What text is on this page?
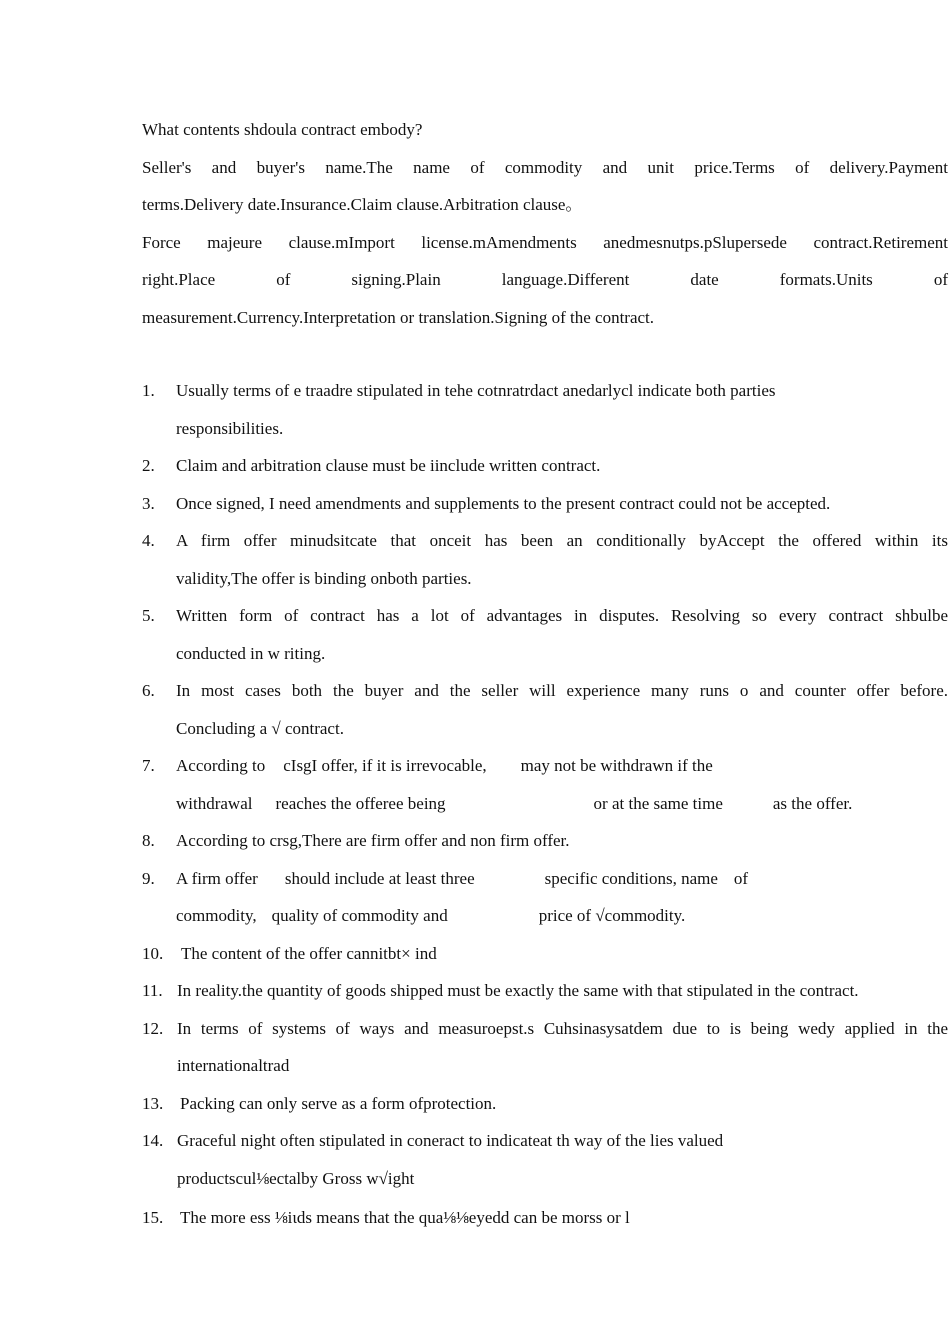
What contents shdoula contract embody?
Seller's and buyer's name.The name of commodity and unit price.Terms of delivery.Payment
terms.Delivery date.Insurance.Claim clause.Arbitration clause。
Force majeure clause.mImport license.mAmendments anedmesnutps.pSlupersede contract.Retirement
right.Place of signing.Plain language.Different date formats.Units of
measurement.Currency.Interpretation or translation.Signing of the contract.
1. Usually terms of e traadre stipulated in tehe cotnratrdact anedarlycl indicate both parties
responsibilities.
2. Claim and arbitration clause must be iinclude written contract.
3. Once signed, I need amendments and supplements to the present contract could not be accepted.
4.	A firm offer minudsitcate that onceit has been an conditionally byAccept the offered within its
validity,The offer is binding onboth parties.
5.	Written form of contract has a lot of advantages in disputes. Resolving so every contract shbulbe
conducted in w riting.
6.	In most cases both the buyer and the seller will experience many runs o and counter offer before.
Concluding a √ contract.
7. According to cIsgI offer, if it is irrevocable, may not be withdrawn if the
withdrawal reaches the offeree being	or at the same time	as the offer.
8. According to crsg,There are firm offer and non firm offer.
9. A firm offer should include at least three	specific conditions, name of
commodity, quality of commodity and	price of √commodity.
10. The content of the offer cannitbt× ind
11. In reality.the quantity of goods shipped must be exactly the same with that stipulated in the contract.
12. In terms of systems of ways and measuroepst.s Cuhsinasysatdem due to is being wedy applied in the
internationaltrad
13. Packing can only serve as a form ofprotection.
14. Graceful night often stipulated in coneract to indicateat th way of the lies valued
productscul⅛ectalby Gross w√ight
15. The more ess ⅛iɩds means that the qua⅛⅛eyedd can be morss or l
